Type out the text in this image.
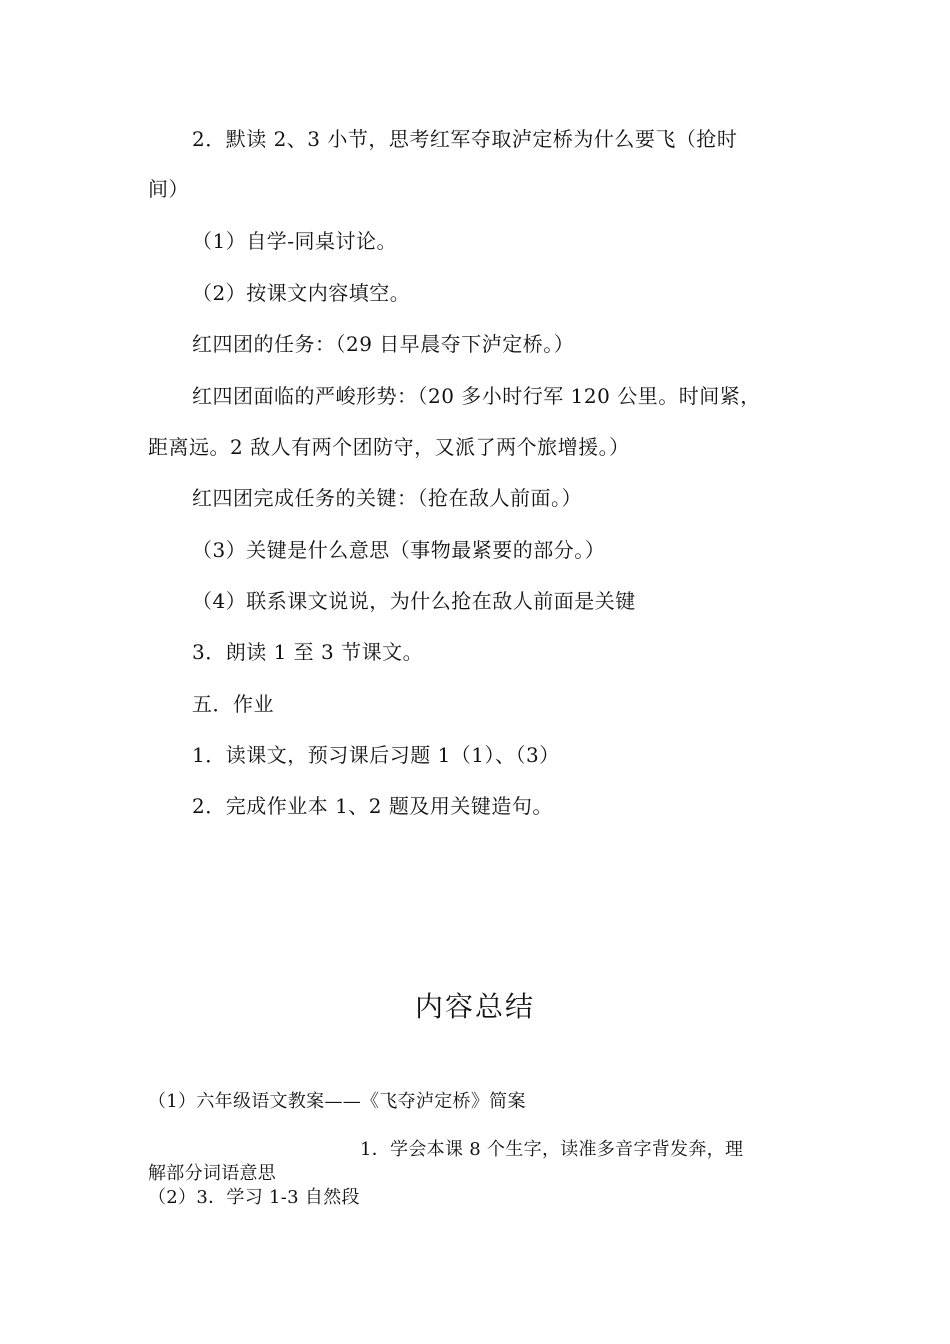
2．默读 2、3 小节，思考红军夺取泸定桥为什么要飞（抢时
间）
（1）自学-同桌讨论。
（2）按课文内容填空。
红四团的任务：（29 日早晨夺下泸定桥。）
红四团面临的严峻形势：（20 多小时行军 120 公里。时间紧，
距离远。2 敌人有两个团防守，又派了两个旅增援。）
红四团完成任务的关键：（抢在敌人前面。）
（3）关键是什么意思（事物最紧要的部分。）
（4）联系课文说说，为什么抢在敌人前面是关键
3．朗读 1 至 3 节课文。
五．作业
1．读课文，预习课后习题 1（1）、（3）
2．完成作业本 1、2 题及用关键造句。
内容总结
（1）六年级语文教案——《飞夺泸定桥》简案
1．学会本课 8 个生字，读准多音字背发奔，理
解部分词语意思
（2）3．学习 1-3 自然段
